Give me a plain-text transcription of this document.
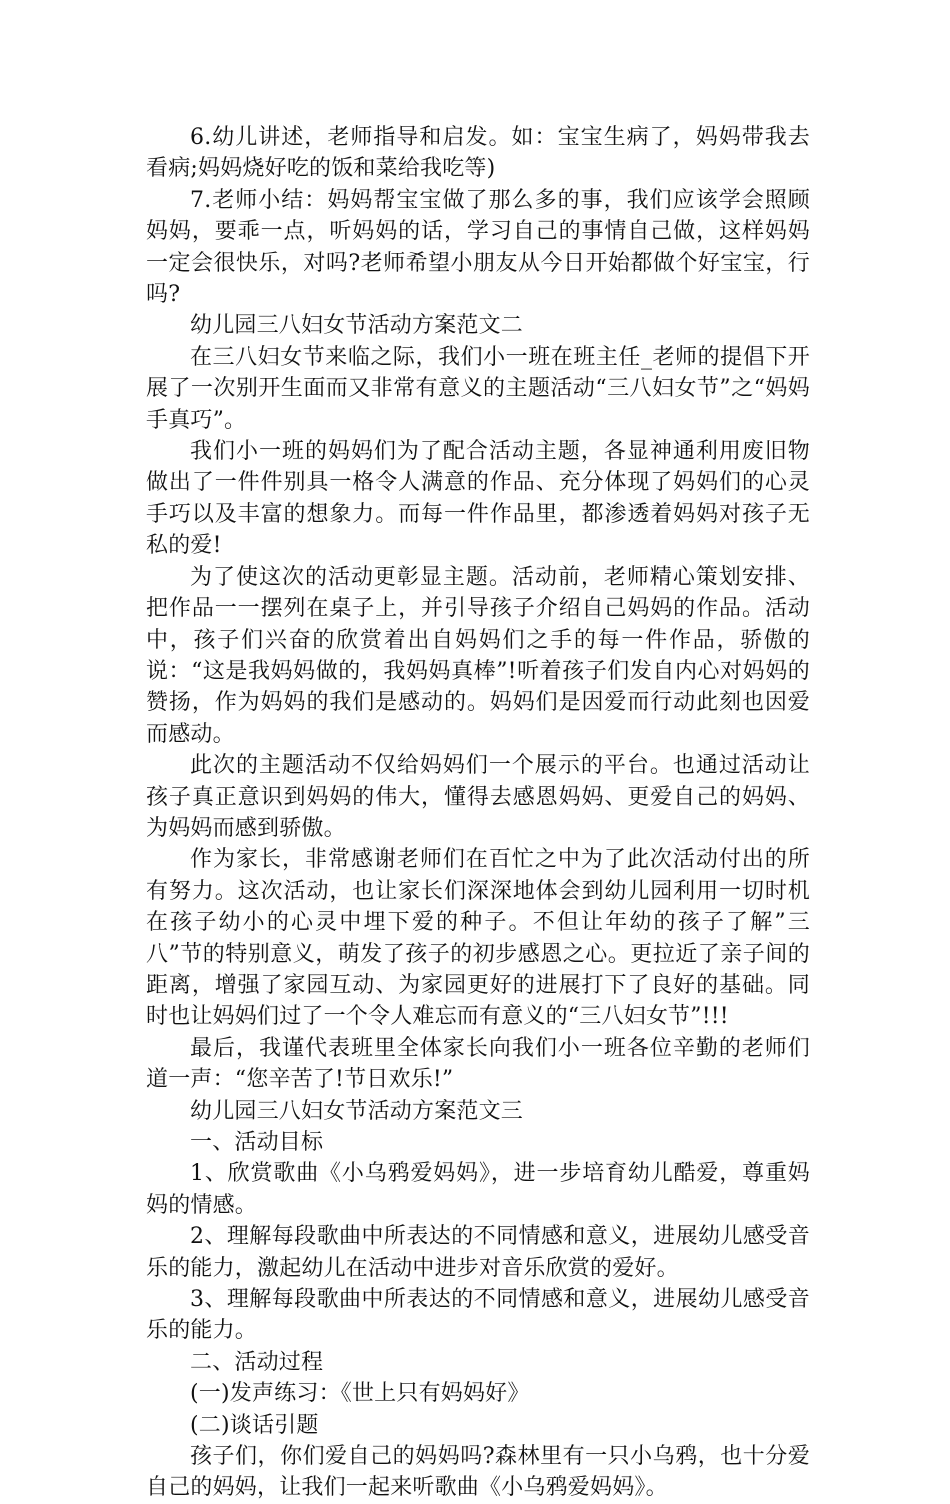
6.幼儿讲述，老师指导和启发。如：宝宝生病了，妈妈带我去看病;妈妈烧好吃的饭和菜给我吃等)

7.老师小结：妈妈帮宝宝做了那么多的事，我们应该学会照顾妈妈，要乖一点，听妈妈的话，学习自己的事情自己做，这样妈妈一定会很快乐，对吗?老师希望小朋友从今日开始都做个好宝宝，行吗?

幼儿园三八妇女节活动方案范文二

在三八妇女节来临之际，我们小一班在班主任_老师的提倡下开展了一次别开生面而又非常有意义的主题活动“三八妇女节”之“妈妈手真巧”。

我们小一班的妈妈们为了配合活动主题，各显神通利用废旧物做出了一件件别具一格令人满意的作品、充分体现了妈妈们的心灵手巧以及丰富的想象力。而每一件作品里，都渗透着妈妈对孩子无私的爱!

为了使这次的活动更彰显主题。活动前，老师精心策划安排、把作品一一摆列在桌子上，并引导孩子介绍自己妈妈的作品。活动中，孩子们兴奋的欣赏着出自妈妈们之手的每一件作品，骄傲的说：“这是我妈妈做的，我妈妈真棒”!听着孩子们发自内心对妈妈的赞扬，作为妈妈的我们是感动的。妈妈们是因爱而行动此刻也因爱而感动。

此次的主题活动不仅给妈妈们一个展示的平台。也通过活动让孩子真正意识到妈妈的伟大，懂得去感恩妈妈、更爱自己的妈妈、为妈妈而感到骄傲。

作为家长，非常感谢老师们在百忙之中为了此次活动付出的所有努力。这次活动，也让家长们深深地体会到幼儿园利用一切时机在孩子幼小的心灵中埋下爱的种子。不但让年幼的孩子了解”三八”节的特别意义，萌发了孩子的初步感恩之心。更拉近了亲子间的距离，增强了家园互动、为家园更好的进展打下了良好的基础。同时也让妈妈们过了一个令人难忘而有意义的“三八妇女节”!!!

最后，我谨代表班里全体家长向我们小一班各位辛勤的老师们道一声：“您辛苦了!节日欢乐!”

幼儿园三八妇女节活动方案范文三

一、活动目标

1、欣赏歌曲《小乌鸦爱妈妈》，进一步培育幼儿酷爱，尊重妈妈的情感。

2、理解每段歌曲中所表达的不同情感和意义，进展幼儿感受音乐的能力，激起幼儿在活动中进步对音乐欣赏的爱好。

3、理解每段歌曲中所表达的不同情感和意义，进展幼儿感受音乐的能力。

二、活动过程

(一)发声练习：《世上只有妈妈好》

(二)谈话引题

孩子们，你们爱自己的妈妈吗?森林里有一只小乌鸦，也十分爱自己的妈妈，让我们一起来听歌曲《小乌鸦爱妈妈》。
